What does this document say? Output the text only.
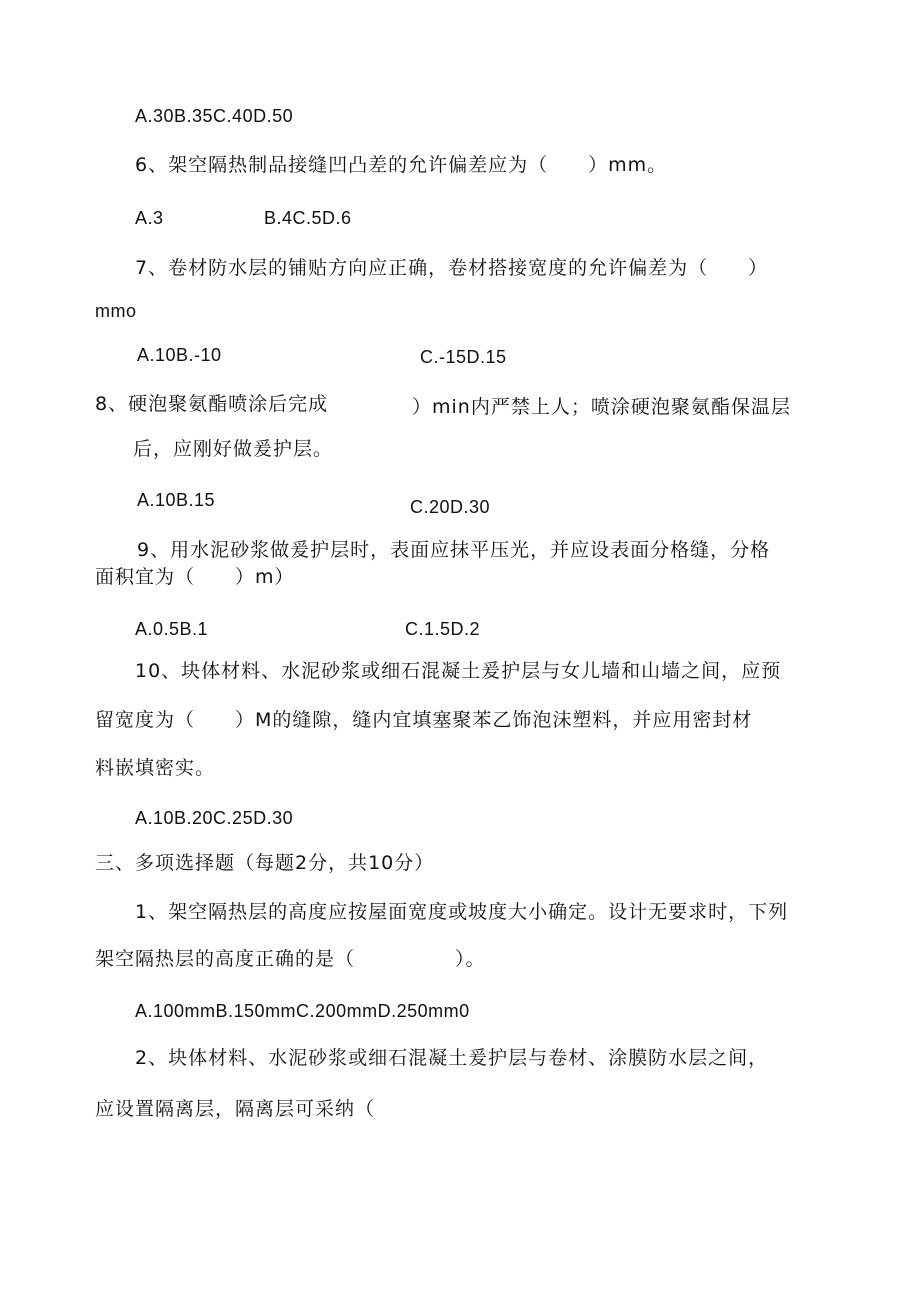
A.30B.35C.40D.50
6、架空隔热制品接缝凹凸差的允许偏差应为（　　）mm。
A.3	B.4C.5D.6
7、卷材防水层的铺贴方向应正确，卷材搭接宽度的允许偏差为（　　）
mmo
A.10B.-10	C.-15D.15
8、硬泡聚氨酯喷涂后完成	）min内严禁上人；喷涂硬泡聚氨酯保温层
后，应刚好做爰护层。
A.10B.15	C.20D.30
9、用水泥砂浆做爰护层时，表面应抹平压光，并应设表面分格缝，分格
面积宜为（　　）m）
A.0.5B.1	C.1.5D.2
10、块体材料、水泥砂浆或细石混凝土爰护层与女儿墙和山墙之间，应预
留宽度为（　　）M的缝隙，缝内宜填塞聚苯乙饰泡沫塑料，并应用密封材
料嵌填密实。
A.10B.20C.25D.30
三、多项选择题（每题2分，共10分）
1、架空隔热层的高度应按屋面宽度或坡度大小确定。设计无要求时，下列
架空隔热层的高度正确的是（　　　　　）。
A.100mmB.150mmC.200mmD.250mm0
2、块体材料、水泥砂浆或细石混凝土爰护层与卷材、涂膜防水层之间，
应设置隔离层，隔离层可采纳（
